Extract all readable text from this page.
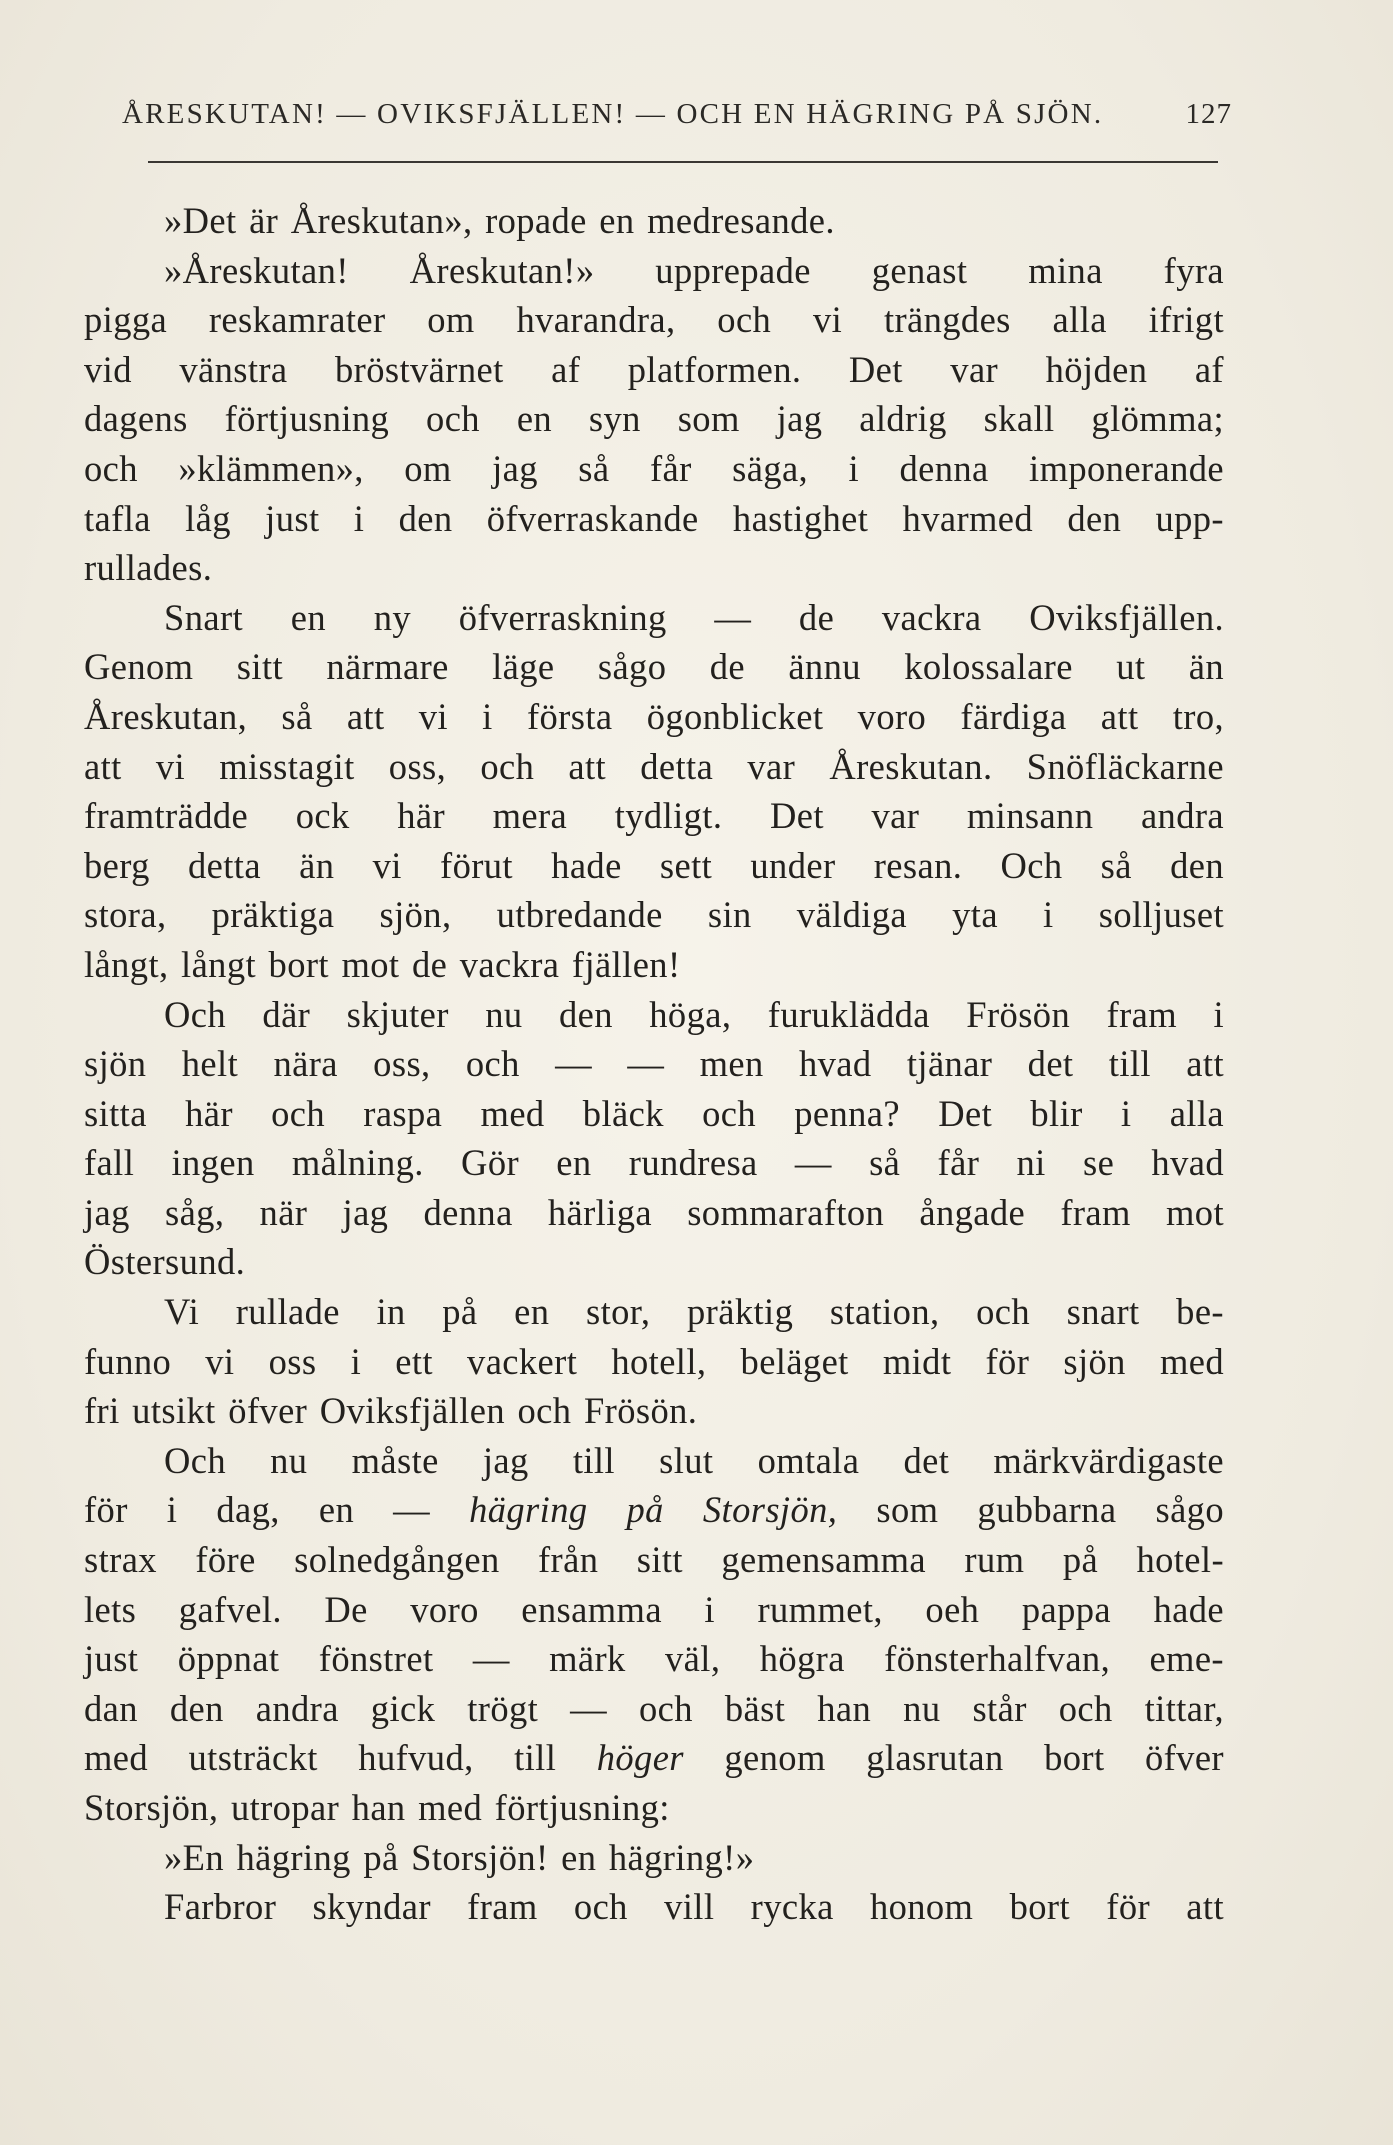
ÅRESKUTAN! — OVIKSFJÄLLEN! — OCH EN HÄGRING PÅ SJÖN.	127
»Det är Åreskutan», ropade en medresande.
»Åreskutan! Åreskutan!» upprepade genast mina fyra
pigga reskamrater om hvarandra, och vi trängdes alla ifrigt
vid vänstra bröstvärnet af platformen. Det var höjden af
dagens förtjusning och en syn som jag aldrig skall glömma;
och »klämmen», om jag så får säga, i denna imponerande
tafla låg just i den öfverraskande hastighet hvarmed den upp-
rullades.
Snart en ny öfverraskning — de vackra Oviksfjällen.
Genom sitt närmare läge sågo de ännu kolossalare ut än
Åreskutan, så att vi i första ögonblicket voro färdiga att tro,
att vi misstagit oss, och att detta var Åreskutan. Snöfläckarne
framträdde ock här mera tydligt. Det var minsann andra
berg detta än vi förut hade sett under resan. Och så den
stora, präktiga sjön, utbredande sin väldiga yta i solljuset
långt, långt bort mot de vackra fjällen!
Och där skjuter nu den höga, furuklädda Frösön fram i
sjön helt nära oss, och — — men hvad tjänar det till att
sitta här och raspa med bläck och penna? Det blir i alla
fall ingen målning. Gör en rundresa — så får ni se hvad
jag såg, när jag denna härliga sommarafton ångade fram mot
Östersund.
Vi rullade in på en stor, präktig station, och snart be-
funno vi oss i ett vackert hotell, beläget midt för sjön med
fri utsikt öfver Oviksfjällen och Frösön.
Och nu måste jag till slut omtala det märkvärdigaste
för i dag, en — hägring på Storsjön, som gubbarna sågo
strax före solnedgången från sitt gemensamma rum på hotel-
lets gafvel. De voro ensamma i rummet, oeh pappa hade
just öppnat fönstret — märk väl, högra fönsterhalfvan, eme-
dan den andra gick trögt — och bäst han nu står och tittar,
med utsträckt hufvud, till höger genom glasrutan bort öfver
Storsjön, utropar han med förtjusning:
»En hägring på Storsjön! en hägring!»
Farbror skyndar fram och vill rycka honom bort för att
